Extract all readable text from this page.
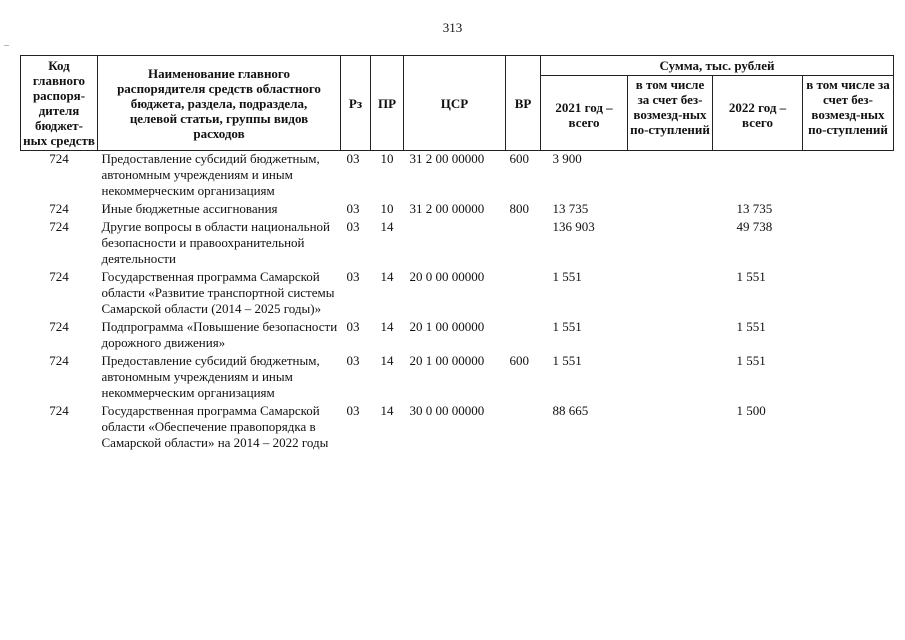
313
–
Код главного распоря-дителя бюджет-ных средств	Наименование главного распорядителя средств областного бюджета, раздела, подраздела, целевой статьи, группы видов расходов	Рз	ПР	ЦСР	ВР	Сумма, тыс. рублей			
						2021 год – всего	в том числе за счет без-возмезд-ных по-ступлений	2022 год – всего	в том числе за счет без-возмезд-ных по-ступлений
724	Предоставление субсидий бюджетным, автономным учреждениям и иным некоммерческим организациям	03	10	31 2 00 00000	600	3 900			
724	Иные бюджетные ассигнования	03	10	31 2 00 00000	800	13 735		13 735	
724	Другие вопросы в области национальной безопасности и правоохранительной деятельности	03	14			136 903		49 738	
724	Государственная программа Самарской области «Развитие транспортной системы Самарской области (2014 – 2025 годы)»	03	14	20 0 00 00000		1 551		1 551	
724	Подпрограмма «Повышение безопасности дорожного движения»	03	14	20 1 00 00000		1 551		1 551	
724	Предоставление субсидий бюджетным, автономным учреждениям и иным некоммерческим организациям	03	14	20 1 00 00000	600	1 551		1 551	
724	Государственная программа Самарской области «Обеспечение правопорядка в Самарской области» на 2014 – 2022 годы	03	14	30 0 00 00000		88 665		1 500	
